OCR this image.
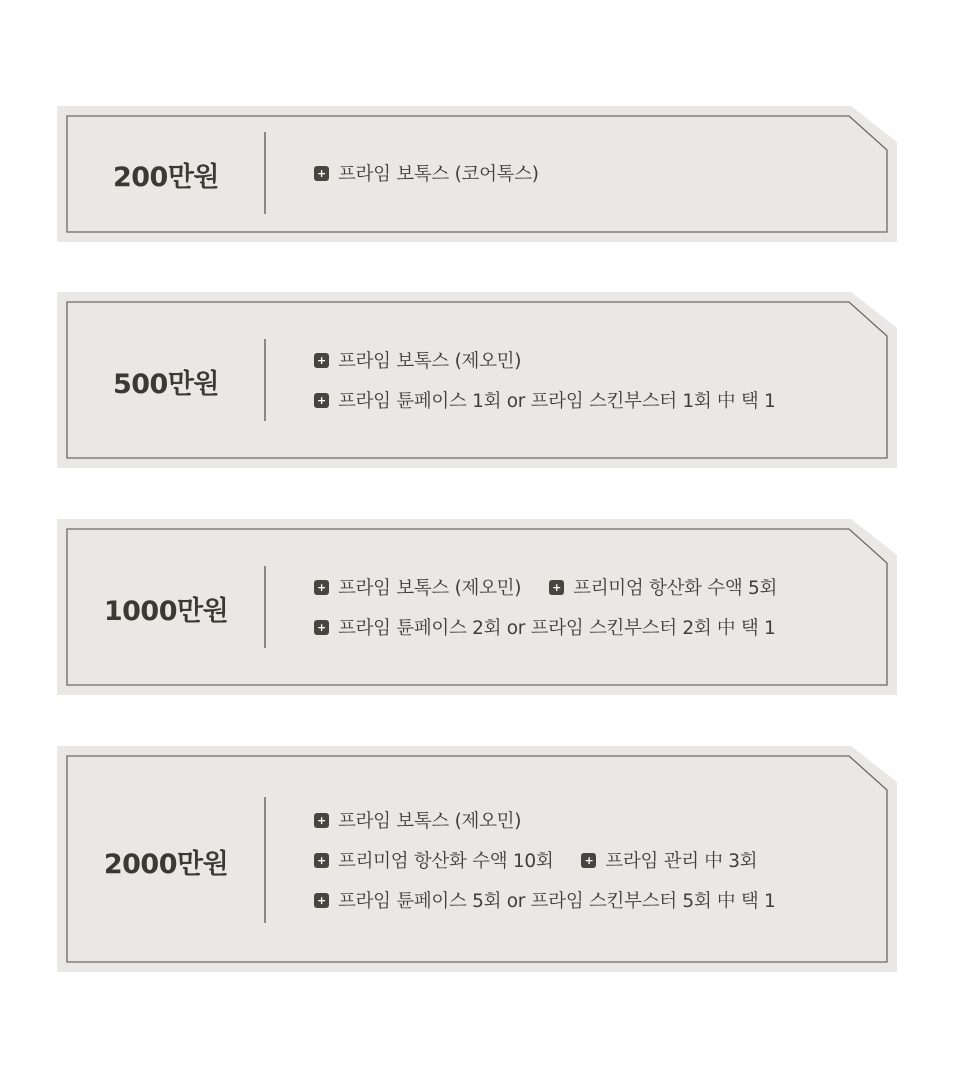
200만원	+ 프라임 보톡스 (코어톡스)
500만원
+ 프라임 보톡스 (제오민)
+ 프라임 튠페이스 1회 or 프라임 스킨부스터 1회 中 택 1
1000만원
+ 프라임 보톡스 (제오민)	+ 프리미엄 항산화 수액 5회
+ 프라임 튠페이스 2회 or 프라임 스킨부스터 2회 中 택 1
2000만원
+ 프라임 보톡스 (제오민)
+ 프리미엄 항산화 수액 10회	+ 프라임 관리 中 3회
+ 프라임 튠페이스 5회 or 프라임 스킨부스터 5회 中 택 1
